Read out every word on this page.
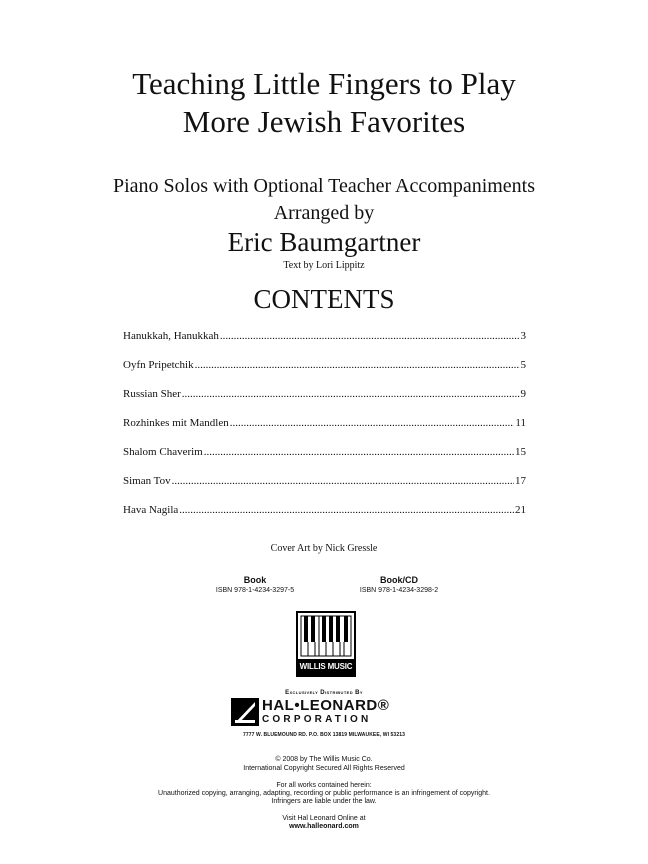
Teaching Little Fingers to Play
More Jewish Favorites
Piano Solos with Optional Teacher Accompaniments
Arranged by
Eric Baumgartner
Text by Lori Lippitz
CONTENTS
Hanukkah, Hanukkah .....	3
Oyfn Pripetchik .....	5
Russian Sher .....	9
Rozhinkes mit Mandlen .....	11
Shalom Chaverim .....	15
Siman Tov .....	17
Hava Nagila .....	21
Cover Art by Nick Gressle
Book
ISBN 978-1-4234-3297-5
Book/CD
ISBN 978-1-4234-3298-2
WILLIS MUSIC
Exclusively Distributed By
HAL•LEONARD®
CORPORATION
7777 W. BLUEMOUND RD. P.O. BOX 13819 MILWAUKEE, WI 53213
© 2008 by The Willis Music Co.
International Copyright Secured All Rights Reserved
For all works contained herein:
Unauthorized copying, arranging, adapting, recording or public performance is an infringement of copyright.
Infringers are liable under the law.
Visit Hal Leonard Online at
www.halleonard.com
